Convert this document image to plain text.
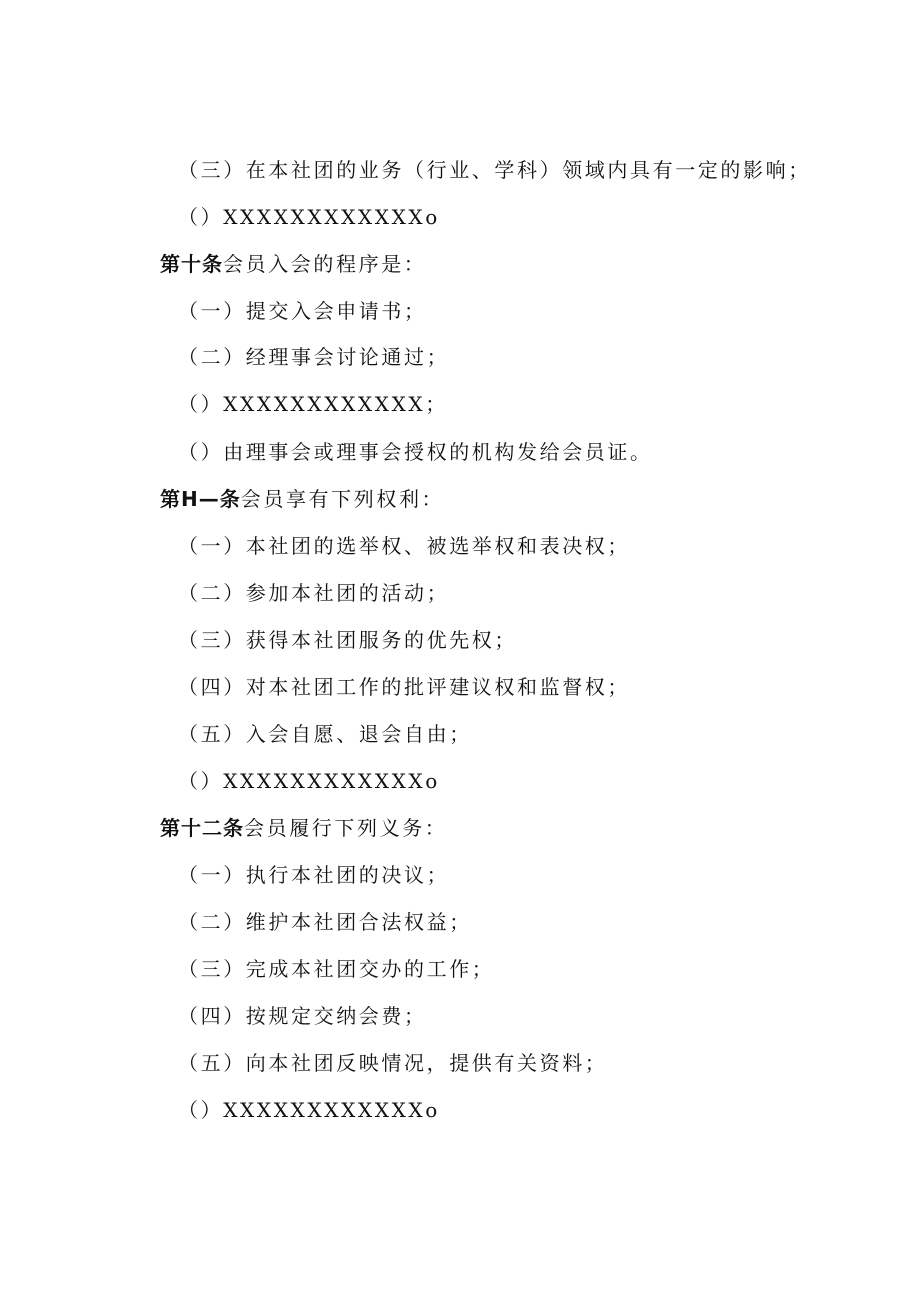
（三）在本社团的业务（行业、学科）领域内具有一定的影响；
（）XXXXXXXXXXXXo
第十条会员入会的程序是：
（一）提交入会申请书；
（二）经理事会讨论通过；
（）XXXXXXXXXXXX；
（）由理事会或理事会授权的机构发给会员证。
第H—条会员享有下列权利：
（一）本社团的选举权、被选举权和表决权；
（二）参加本社团的活动；
（三）获得本社团服务的优先权；
（四）对本社团工作的批评建议权和监督权；
（五）入会自愿、退会自由；
（）XXXXXXXXXXXXo
第十二条会员履行下列义务：
（一）执行本社团的决议；
（二）维护本社团合法权益；
（三）完成本社团交办的工作；
（四）按规定交纳会费；
（五）向本社团反映情况，提供有关资料；
（）XXXXXXXXXXXXo
